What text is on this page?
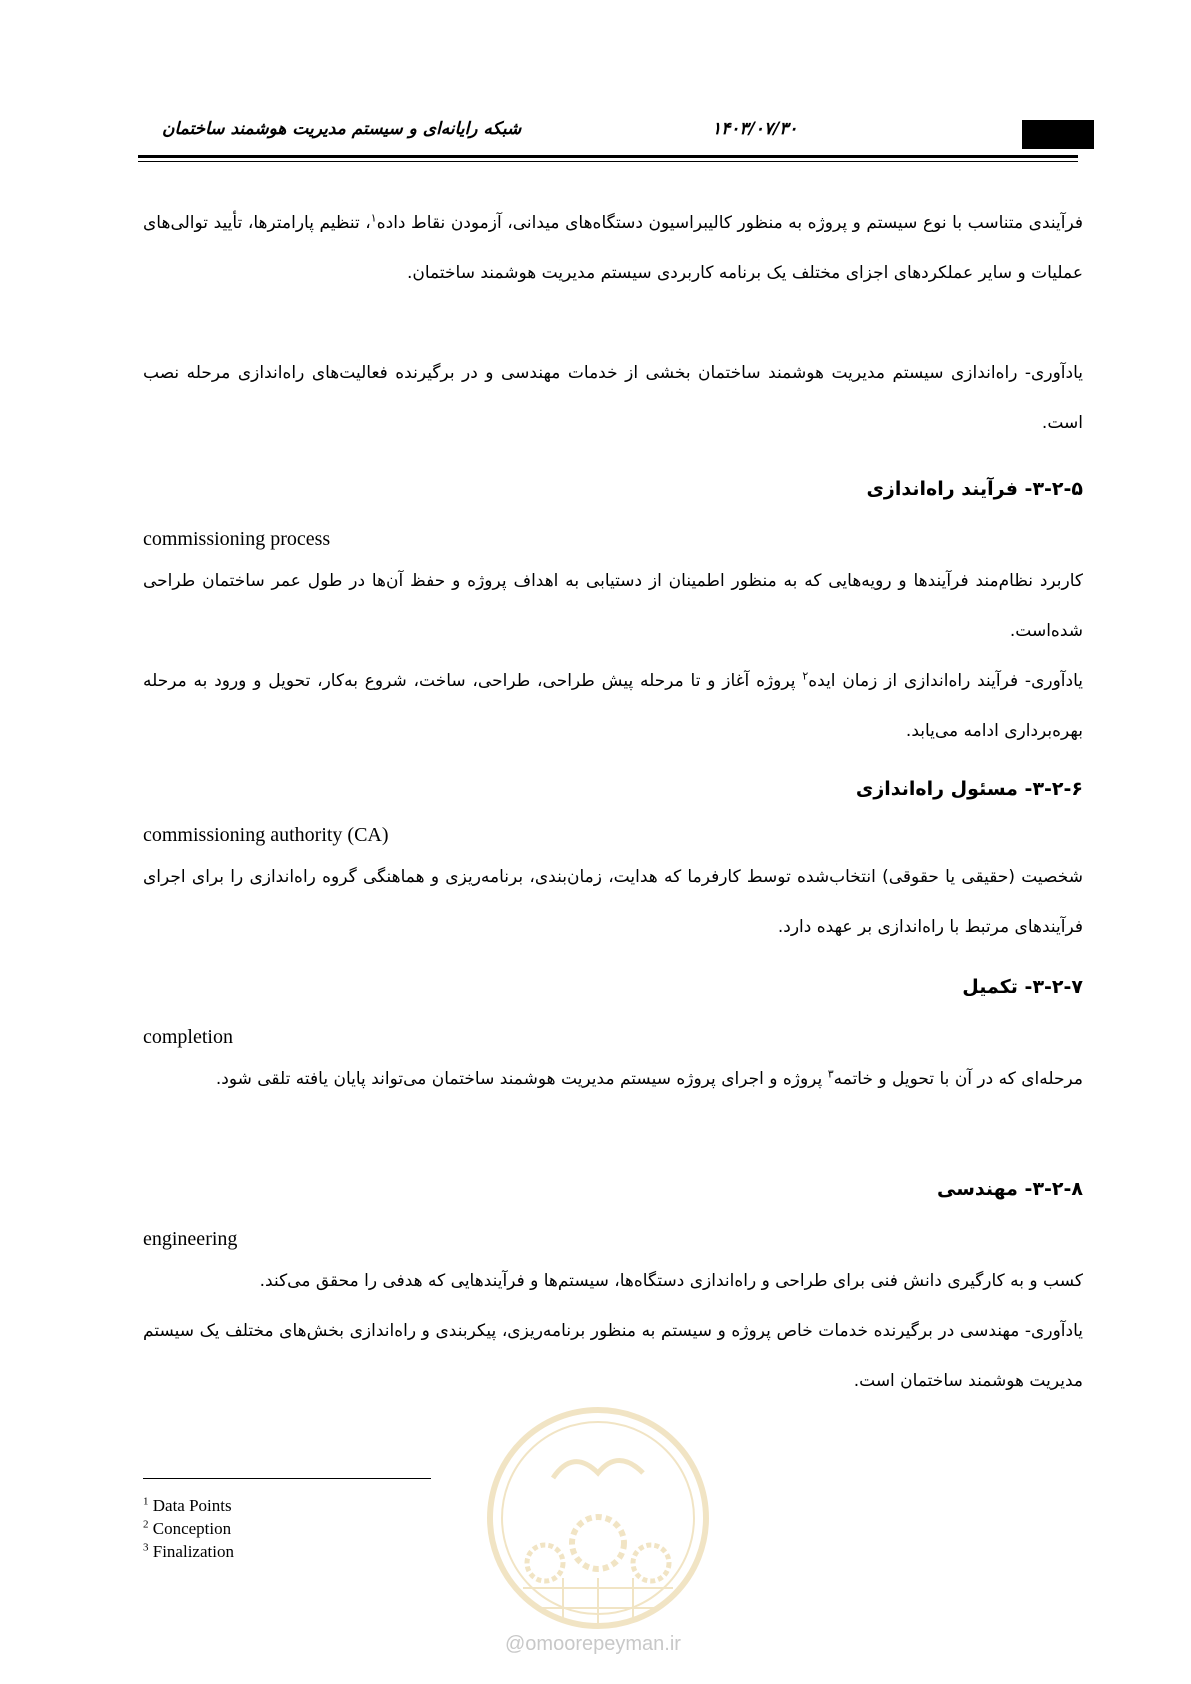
۱۴۰۳/۰۷/۳۰
شبکه رایانه‌ای و سیستم مدیریت هوشمند ساختمان

فرآیندی متناسب با نوع سیستم و پروژه به منظور کالیبراسیون دستگاه‌های میدانی، آزمودن نقاط داده$^۱$، تنظیم پارامترها، تأیید توالی‌های عملیات و سایر عملکردهای اجزای مختلف یک برنامه کاربردی سیستم مدیریت هوشمند ساختمان.

یادآوری- راه‌اندازی سیستم مدیریت هوشمند ساختمان بخشی از خدمات مهندسی و در برگیرنده فعالیت‌های راه‌اندازی مرحله نصب است.

۳-۲-۵- فرآیند راه‌اندازی

commissioning process

کاربرد نظام‌مند فرآیندها و رویه‌هایی که به منظور اطمینان از دستیابی به اهداف پروژه و حفظ آن‌ها در طول عمر ساختمان طراحی شده‌است.

یادآوری- فرآیند راه‌اندازی از زمان ایده$^۲$ پروژه آغاز و تا مرحله پیش طراحی، طراحی، ساخت، شروع به‌کار، تحویل و ورود به مرحله بهره‌برداری ادامه می‌یابد.

۳-۲-۶- مسئول راه‌اندازی

commissioning authority (CA)

شخصیت (حقیقی یا حقوقی) انتخاب‌شده توسط کارفرما که هدایت، زمان‌بندی، برنامه‌ریزی و هماهنگی گروه راه‌اندازی را برای اجرای فرآیندهای مرتبط با راه‌اندازی بر عهده دارد.

۳-۲-۷- تکمیل

completion

مرحله‌ای که در آن با تحویل و خاتمه$^۳$ پروژه و اجرای پروژه سیستم مدیریت هوشمند ساختمان می‌تواند پایان یافته تلقی شود.

۳-۲-۸- مهندسی

engineering

کسب و به کارگیری دانش فنی برای طراحی و راه‌اندازی دستگاه‌ها، سیستم‌ها و فرآیندهایی که هدفی را محقق می‌کند.

یادآوری- مهندسی در برگیرنده خدمات خاص پروژه و سیستم به منظور برنامه‌ریزی، پیکربندی و راه‌اندازی بخش‌های مختلف یک سیستم مدیریت هوشمند ساختمان است.

@omoorepeyman.ir

$^1$ Data Points

$^2$ Conception

$^3$ Finalization
